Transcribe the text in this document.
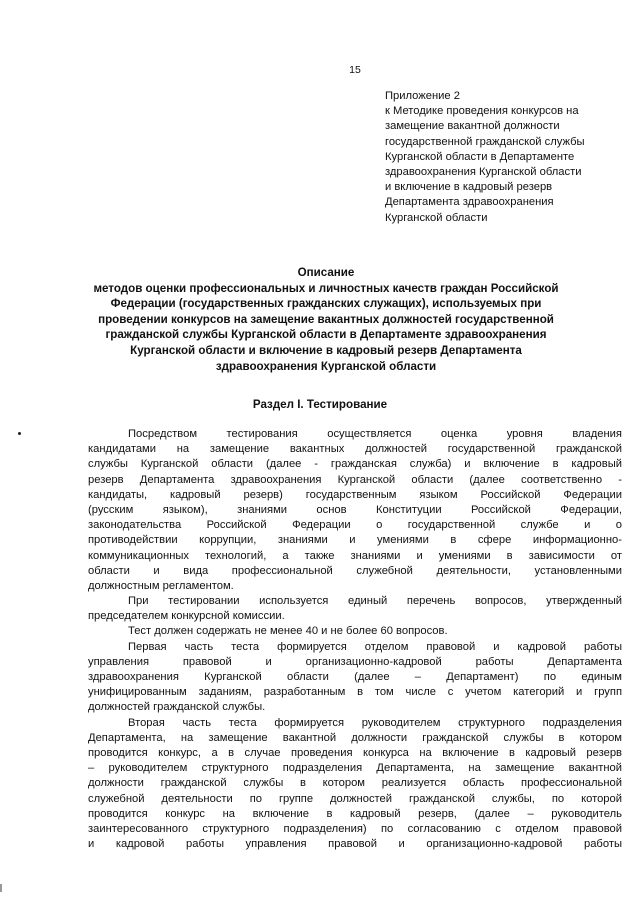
15
Приложение 2
к Методике проведения конкурсов на
замещение вакантной должности
государственной гражданской службы
Курганской области в Департаменте
здравоохранения Курганской области
и включение в кадровый резерв
Департамента здравоохранения
Курганской области
Описание
методов оценки профессиональных и личностных качеств граждан Российской
Федерации (государственных гражданских служащих), используемых при
проведении конкурсов на замещение вакантных должностей государственной
гражданской службы Курганской области в Департаменте здравоохранения
Курганской области и включение в кадровый резерв Департамента
здравоохранения Курганской области
Раздел I. Тестирование
Посредством тестирования осуществляется оценка уровня владения
кандидатами на замещение вакантных должностей государственной гражданской
службы Курганской области (далее - гражданская служба) и включение в кадровый
резерв Департамента здравоохранения Курганской области (далее соответственно -
кандидаты, кадровый резерв) государственным языком Российской Федерации
(русским языком), знаниями основ Конституции Российской Федерации,
законодательства Российской Федерации о государственной службе и о
противодействии коррупции, знаниями и умениями в сфере информационно-
коммуникационных технологий, а также знаниями и умениями в зависимости от
области и вида профессиональной служебной деятельности, установленными
должностным регламентом.
При тестировании используется единый перечень вопросов, утвержденный
председателем конкурсной комиссии.
Тест должен содержать не менее 40 и не более 60 вопросов.
Первая часть теста формируется отделом правовой и кадровой работы
управления правовой и организационно-кадровой работы Департамента
здравоохранения Курганской области (далее – Департамент) по единым
унифицированным заданиям, разработанным в том числе с учетом категорий и групп
должностей гражданской службы.
Вторая часть теста формируется руководителем структурного подразделения
Департамента, на замещение вакантной должности гражданской службы в котором
проводится конкурс, а в случае проведения конкурса на включение в кадровый резерв
– руководителем структурного подразделения Департамента, на замещение вакантной
должности гражданской службы в котором реализуется область профессиональной
служебной деятельности по группе должностей гражданской службы, по которой
проводится конкурс на включение в кадровый резерв, (далее – руководитель
заинтересованного структурного подразделения) по согласованию с отделом правовой
и кадровой работы управления правовой и организационно-кадровой работы
